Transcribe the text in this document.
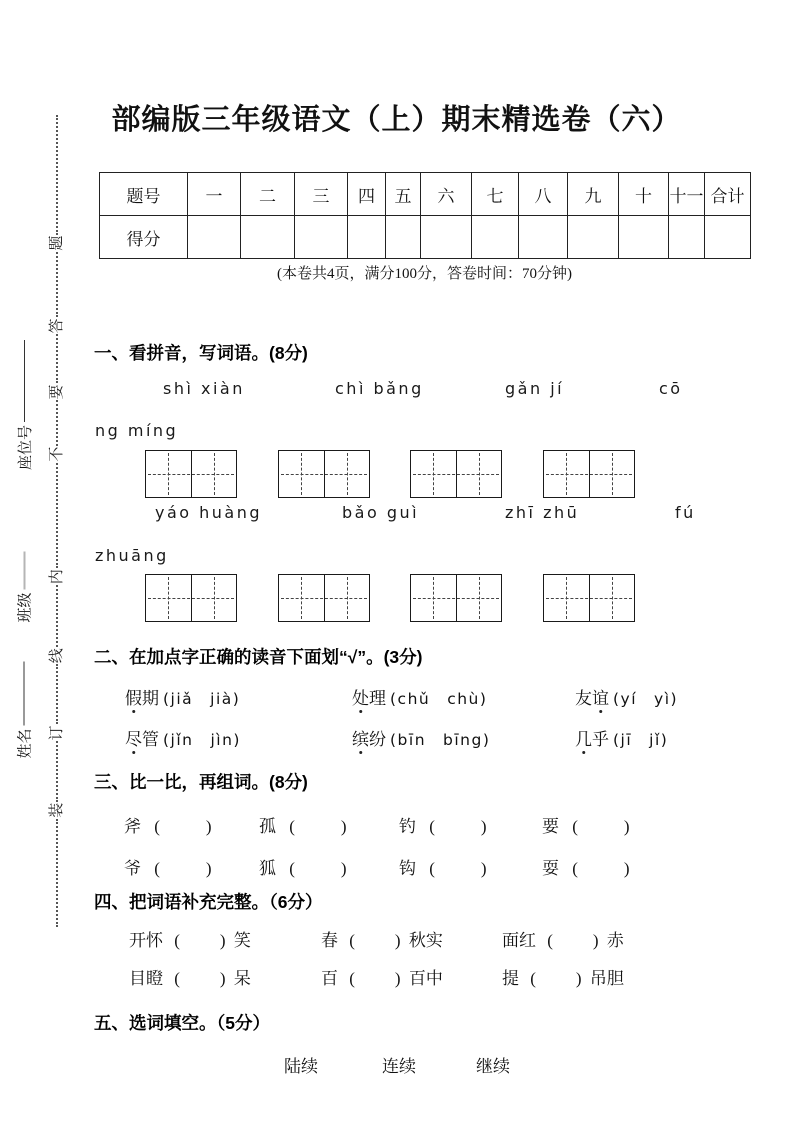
装
订
线
内
不
要
答
题
座位号
班级
姓名
部编版三年级语文（上）期末精选卷（六）
题号	一	二	三	四	五	六	七	八	九	十	十一	合计
得分												
(本卷共4页，满分100分，答卷时间：70分钟)
一、看拼音，写词语。(8分)
shì xiàn	chì bǎng	gǎn jí	cō
ng míng
yáo huàng	bǎo guì	zhī zhū	fú
zhuāng
二、在加点字正确的读音下面划“√”。(3分)
假期 (jiǎ　jià)	处理 (chǔ　chù)	友谊 (yí　yì)
尽管 (jǐn　jìn)	缤纷 (bīn　bīng)	几乎 (jī　jǐ)
三、比一比，再组词。(8分)
斧 (	)	孤 (	)	钓 (	)	要 (	)
爷 (	)	狐 (	)	钩 (	)	耍 (	)
四、把词语补充完整。（6分）
开怀 ( ) 笑	春 ( ) 秋实	面红 ( ) 赤
目瞪 ( ) 呆	百 ( ) 百中	提 ( ) 吊胆
五、选词填空。（5分）
陆续	连续	继续
